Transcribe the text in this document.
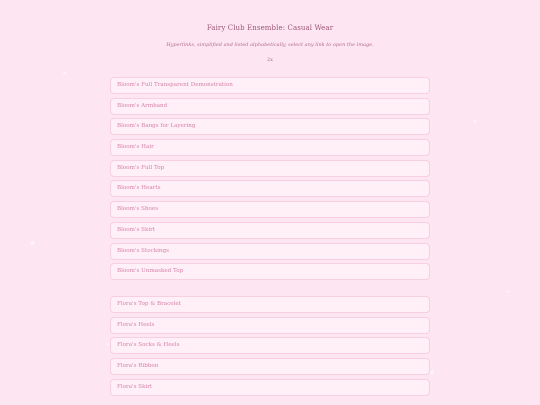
Fairy Club Ensemble: Casual Wear
Hyperlinks, simplified and listed alphabetically, select any link to open the image.
2x
Bloom's Full Transparent Demonstration
Bloom's Armband
Bloom's Bangs for Layering
Bloom's Hair
Bloom's Full Top
Bloom's Hearts
Bloom's Shoes
Bloom's Skirt
Bloom's Stockings
Bloom's Unmasked Top
Flora's Top & Bracelet
Flora's Heels
Flora's Socks & Heels
Flora's Ribbon
Flora's Skirt
